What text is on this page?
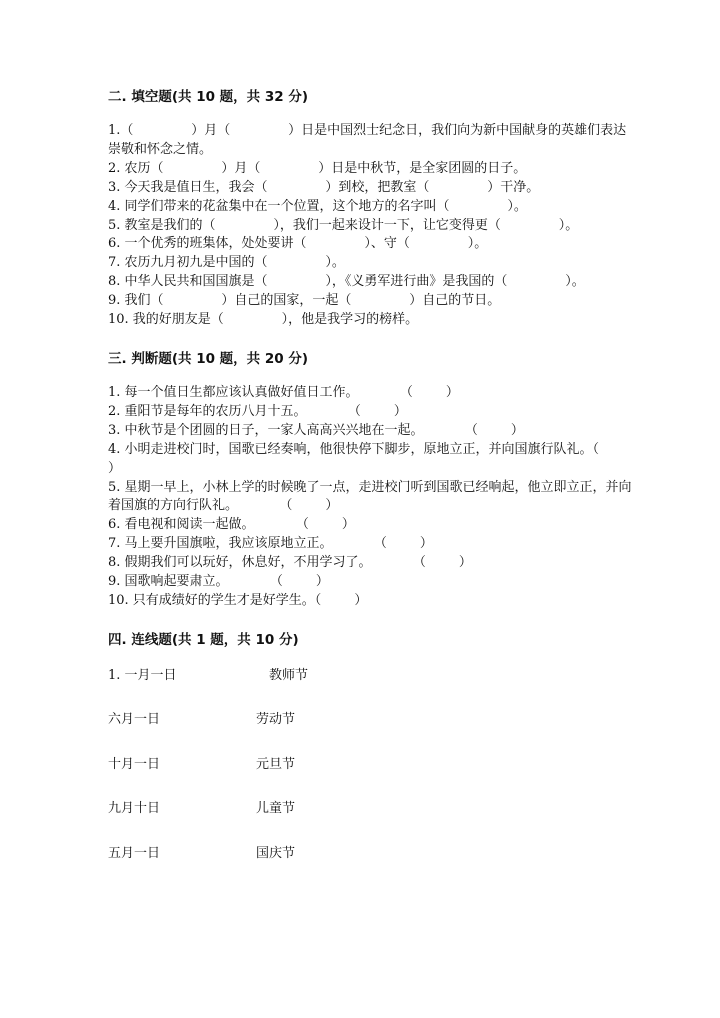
二. 填空题(共 10 题，共 32 分)

1.（              ）月（              ）日是中国烈士纪念日，我们向为新中国献身的英雄们表达崇敬和怀念之情。

2. 农历（              ）月（              ）日是中秋节，是全家团圆的日子。

3. 今天我是值日生，我会（              ）到校，把教室（              ）干净。

4. 同学们带来的花盆集中在一个位置，这个地方的名字叫（              ）。

5. 教室是我们的（              ），我们一起来设计一下，让它变得更（              ）。

6. 一个优秀的班集体，处处要讲（              ）、守（              ）。

7. 农历九月初九是中国的（              ）。

8. 中华人民共和国国旗是（              ），《义勇军进行曲》是我国的（              ）。

9. 我们（              ）自己的国家，一起（              ）自己的节日。

10. 我的好朋友是（              ），他是我学习的榜样。

三. 判断题(共 10 题，共 20 分)

1. 每一个值日生都应该认真做好值日工作。          （        ）

2. 重阳节是每年的农历八月十五。          （        ）

3. 中秋节是个团圆的日子，一家人高高兴兴地在一起。          （        ）

4. 小明走进校门时，国歌已经奏响，他很快停下脚步，原地立正，并向国旗行队礼。（        ）

5. 星期一早上，小林上学的时候晚了一点，走进校门听到国歌已经响起，他立即立正，并向着国旗的方向行队礼。          （        ）

6. 看电视和阅读一起做。          （        ）

7. 马上要升国旗啦，我应该原地立正。          （        ）

8. 假期我们可以玩好，休息好，不用学习了。          （        ）

9. 国歌响起要肃立。          （        ）

10. 只有成绩好的学生才是好学生。（        ）

四. 连线题(共 1 题，共 10 分)
1. 一月一日	教师节
六月一日	劳动节
十月一日	元旦节
九月十日	儿童节
五月一日	国庆节
